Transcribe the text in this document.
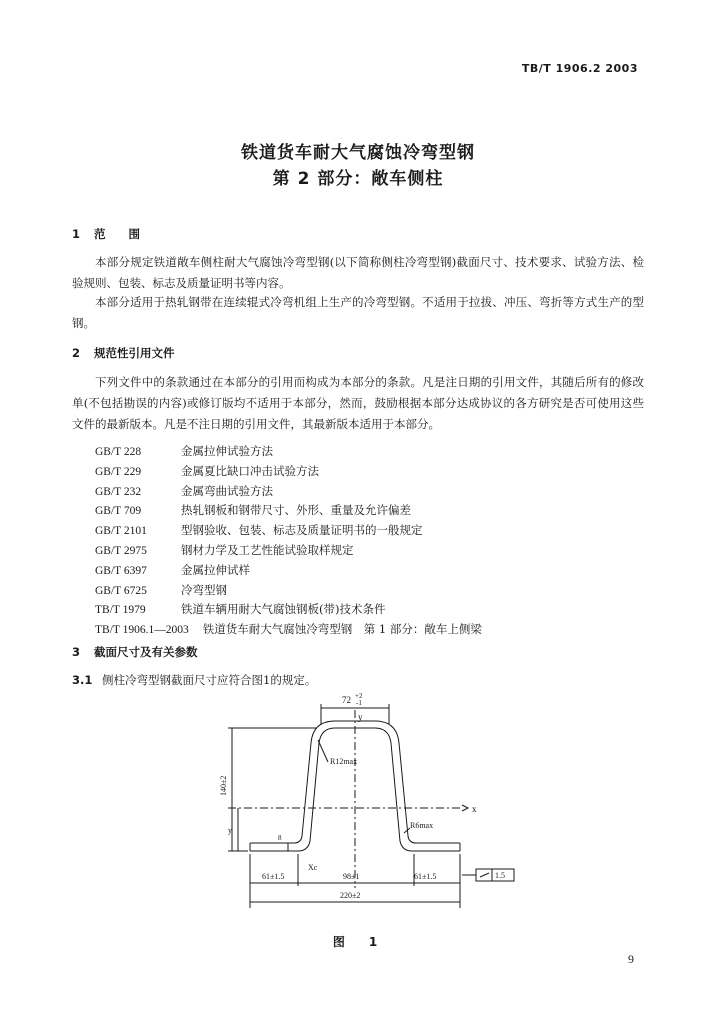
TB/T 1906.2 2003
铁道货车耐大气腐蚀冷弯型钢
第 2 部分：敞车侧柱
1 范　　围
本部分规定铁道敞车侧柱耐大气腐蚀冷弯型钢(以下简称侧柱冷弯型钢)截面尺寸、技术要求、试验方法、检验规则、包装、标志及质量证明书等内容。
本部分适用于热轧钢带在连续辊式冷弯机组上生产的冷弯型钢。不适用于拉拔、冲压、弯折等方式生产的型钢。
2 规范性引用文件
下列文件中的条款通过在本部分的引用而构成为本部分的条款。凡是注日期的引用文件，其随后所有的修改单(不包括勘误的内容)或修订版均不适用于本部分，然而，鼓励根据本部分达成协议的各方研究是否可使用这些文件的最新版本。凡是不注日期的引用文件，其最新版本适用于本部分。
GB/T 228	金属拉伸试验方法
GB/T 229	金属夏比缺口冲击试验方法
GB/T 232	金属弯曲试验方法
GB/T 709	热轧钢板和钢带尺寸、外形、重量及允许偏差
GB/T 2101	型钢验收、包装、标志及质量证明书的一般规定
GB/T 2975	钢材力学及工艺性能试验取样规定
GB/T 6397	金属拉伸试样
GB/T 6725	冷弯型钢
TB/T 1979	铁道车辆用耐大气腐蚀钢板(带)技术条件
TB/T 1906.1—2003 铁道货车耐大气腐蚀冷弯型钢　第 1 部分：敞车上侧梁
3 截面尺寸及有关参数
3.1 侧柱冷弯型钢截面尺寸应符合图1的规定。
x
y
72 +2
-1
R12max
R6max
140±2
y
8
Xc
61±1.5	98±1	61±1.5
220±2
1.5
图　1
9
